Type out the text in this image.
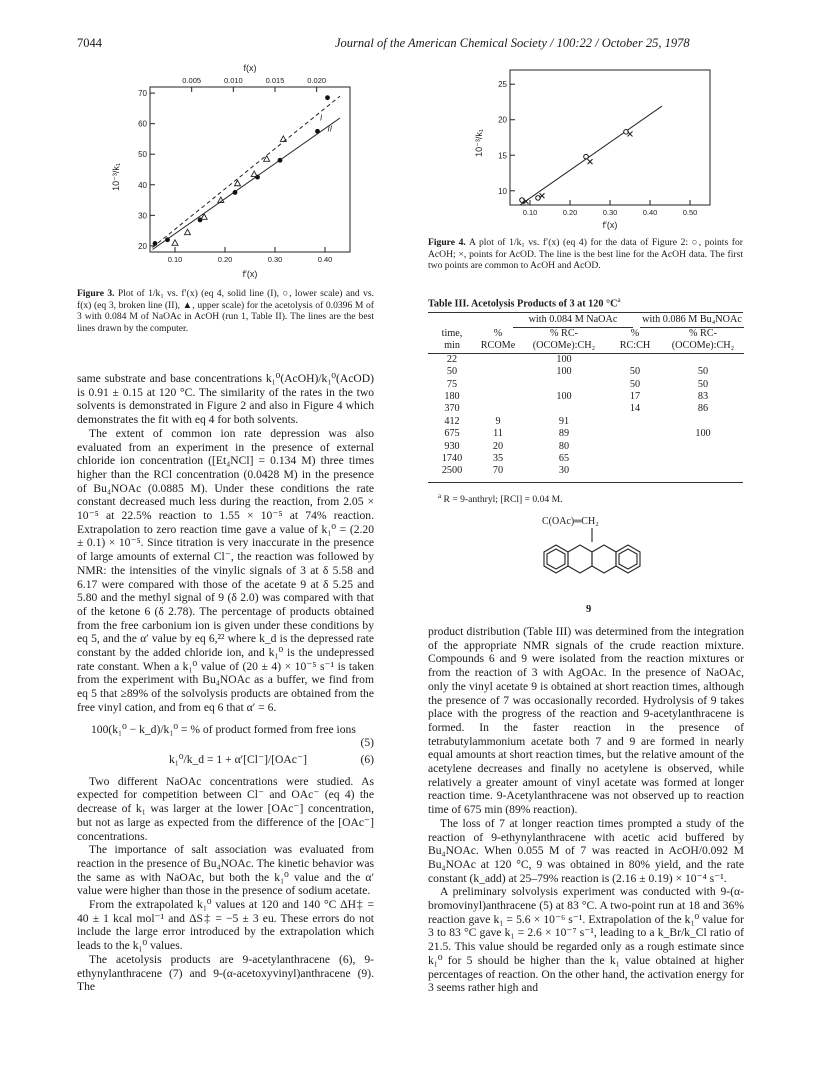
7044	Journal of the American Chemical Society / 100:22 / October 25, 1978
20
30
40
50
60
70
0.10	0.20	0.30	0.40
0.005	0.010	0.015	0.020
I
II
f(x)
f′(x)
10⁻³/k₁
Figure 3. Plot of 1/k₁ vs. f′(x) (eq 4, solid line (I), ○, lower scale) and vs. f(x) (eq 3, broken line (II), ▲, upper scale) for the acetolysis of 0.0396 M of 3 with 0.084 M of NaOAc in AcOH (run 1, Table II). The lines are the best lines drawn by the computer.
10
15
20
25
0.10	0.20	0.30	0.40	0.50
f′(x)
10⁻³/k₁
Figure 4. A plot of 1/k₁ vs. f′(x) (eq 4) for the data of Figure 2: ○, points for AcOH; ×, points for AcOD. The line is the best line for the AcOH data. The first two points are common to AcOH and AcOD.
Table III. Acetolysis Products of 3 at 120 $^\circ C^a$
with 0.084 M NaOAc	with 0.086 M Bu₄NOAc
time,	%	% RC-	%	% RC-
min	RCOMe	(OCOMe):CH₂	RC:CH	(OCOMe):CH₂
22		100		
50		100	50	50
75			50	50
180		100	17	83
370			14	86
412	9	91		
675	11	89		100
930	20	80		
1740	35	65		
2500	70	30		
$^a$ R = 9-anthryl; [RCl] = 0.04 M.
C(OAc)═CH₂
9

same substrate and base concentrations k₁⁰(AcOH)/k₁⁰(AcOD) is 0.91 ± 0.15 at 120 °C. The similarity of the rates in the two solvents is demonstrated in Figure 2 and also in Figure 4 which demonstrates the fit with eq 4 for both solvents.

The extent of common ion rate depression was also evaluated from an experiment in the presence of external chloride ion concentration ([Et₄NCl] = 0.134 M) three times higher than the RCl concentration (0.0428 M) in the presence of Bu₄NOAc (0.0885 M). Under these conditions the rate constant decreased much less during the reaction, from 2.05 × 10⁻⁵ at 22.5% reaction to 1.55 × 10⁻⁵ at 74% reaction. Extrapolation to zero reaction time gave a value of k₁⁰ = (2.20 ± 0.1) × 10⁻⁵. Since titration is very inaccurate in the presence of large amounts of external Cl⁻, the reaction was followed by NMR: the intensities of the vinylic signals of 3 at δ 5.58 and 6.17 were compared with those of the acetate 9 at δ 5.25 and 5.80 and the methyl signal of 9 (δ 2.0) was compared with that of the ketone 6 (δ 2.78). The percentage of products obtained from the free carbonium ion is given under these conditions by eq 5, and the α′ value by eq 6,²² where k_d is the depressed rate constant by the added chloride ion, and k₁⁰ is the undepressed rate constant. When a k₁⁰ value of (20 ± 4) × 10⁻⁵ s⁻¹ is taken from the experiment with Bu₄NOAc as a buffer, we find from eq 5 that ≥89% of the solvolysis products are obtained from the free vinyl cation, and from eq 6 that α′ = 6.

100(k₁⁰ − k_d)/k₁⁰ = % of product formed from free ions
(5)
k₁⁰/k_d = 1 + α′[Cl⁻]/[OAc⁻]	(6)

Two different NaOAc concentrations were studied. As expected for competition between Cl⁻ and OAc⁻ (eq 4) the decrease of k₁ was larger at the lower [OAc⁻] concentration, but not as large as expected from the difference of the [OAc⁻] concentrations.

The importance of salt association was evaluated from reaction in the presence of Bu₄NOAc. The kinetic behavior was the same as with NaOAc, but both the k₁⁰ value and the α′ value were higher than those in the presence of sodium acetate.

From the extrapolated k₁⁰ values at 120 and 140 °C ΔH‡ = 40 ± 1 kcal mol⁻¹ and ΔS‡ = −5 ± 3 eu. These errors do not include the large error introduced by the extrapolation which leads to the k₁⁰ values.

The acetolysis products are 9-acetylanthracene (6), 9-ethynylanthracene (7) and 9-(α-acetoxyvinyl)anthracene (9). The

product distribution (Table III) was determined from the integration of the appropriate NMR signals of the crude reaction mixture. Compounds 6 and 9 were isolated from the reaction mixtures or from the reaction of 3 with AgOAc. In the presence of NaOAc, only the vinyl acetate 9 is obtained at short reaction times, although the presence of 7 was occasionally recorded. Hydrolysis of 9 takes place with the progress of the reaction and 9-acetylanthracene is formed. In the faster reaction in the presence of tetrabutylammonium acetate both 7 and 9 are formed in nearly equal amounts at short reaction times, but the relative amount of the acetylene decreases and finally no acetylene is observed, while relatively a greater amount of vinyl acetate was formed at longer reaction time. 9-Acetylanthracene was not observed up to reaction time of 675 min (89% reaction).

The loss of 7 at longer reaction times prompted a study of the reaction of 9-ethynylanthracene with acetic acid buffered by Bu₄NOAc. When 0.055 M of 7 was reacted in AcOH/0.092 M Bu₄NOAc at 120 °C, 9 was obtained in 80% yield, and the rate constant (k_add) at 25–79% reaction is (2.16 ± 0.19) × 10⁻⁴ s⁻¹.

A preliminary solvolysis experiment was conducted with 9-(α-bromovinyl)anthracene (5) at 83 °C. A two-point run at 18 and 36% reaction gave k₁ = 5.6 × 10⁻⁶ s⁻¹. Extrapolation of the k₁⁰ value for 3 to 83 °C gave k₁ = 2.6 × 10⁻⁷ s⁻¹, leading to a k_Br/k_Cl ratio of 21.5. This value should be regarded only as a rough estimate since k₁⁰ for 5 should be higher than the k₁ value obtained at higher percentages of reaction. On the other hand, the activation energy for 3 seems rather high and
